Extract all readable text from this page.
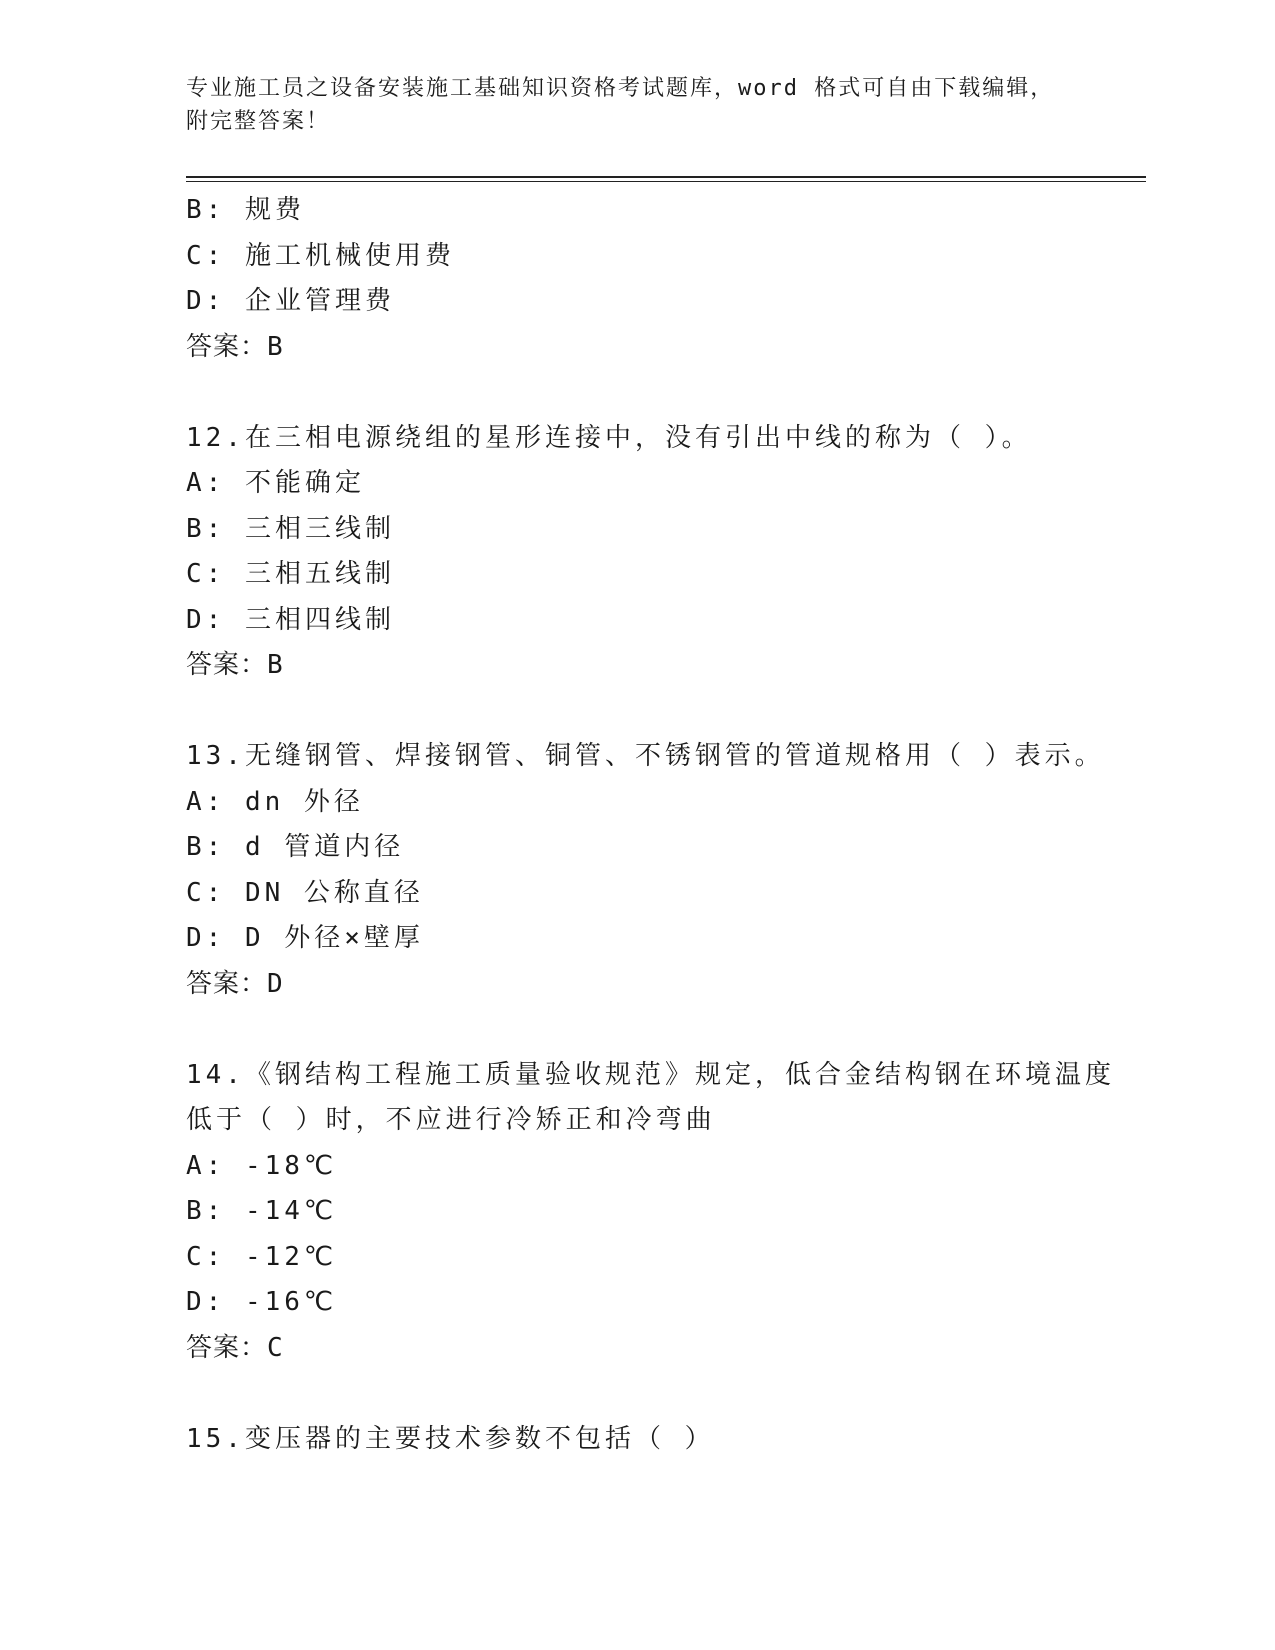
专业施工员之设备安装施工基础知识资格考试题库，word 格式可自由下载编辑，
附完整答案！
B: 规费
C: 施工机械使用费
D: 企业管理费
答案：B
12.在三相电源绕组的星形连接中，没有引出中线的称为（ ）。
A: 不能确定
B: 三相三线制
C: 三相五线制
D: 三相四线制
答案：B
13.无缝钢管、焊接钢管、铜管、不锈钢管的管道规格用（ ）表示。
A: dn 外径
B: d 管道内径
C: DN 公称直径
D: D 外径×壁厚
答案：D
14.《钢结构工程施工质量验收规范》规定，低合金结构钢在环境温度
低于（ ）时，不应进行冷矫正和冷弯曲
A: -18℃
B: -14℃
C: -12℃
D: -16℃
答案：C
15.变压器的主要技术参数不包括（ ）
